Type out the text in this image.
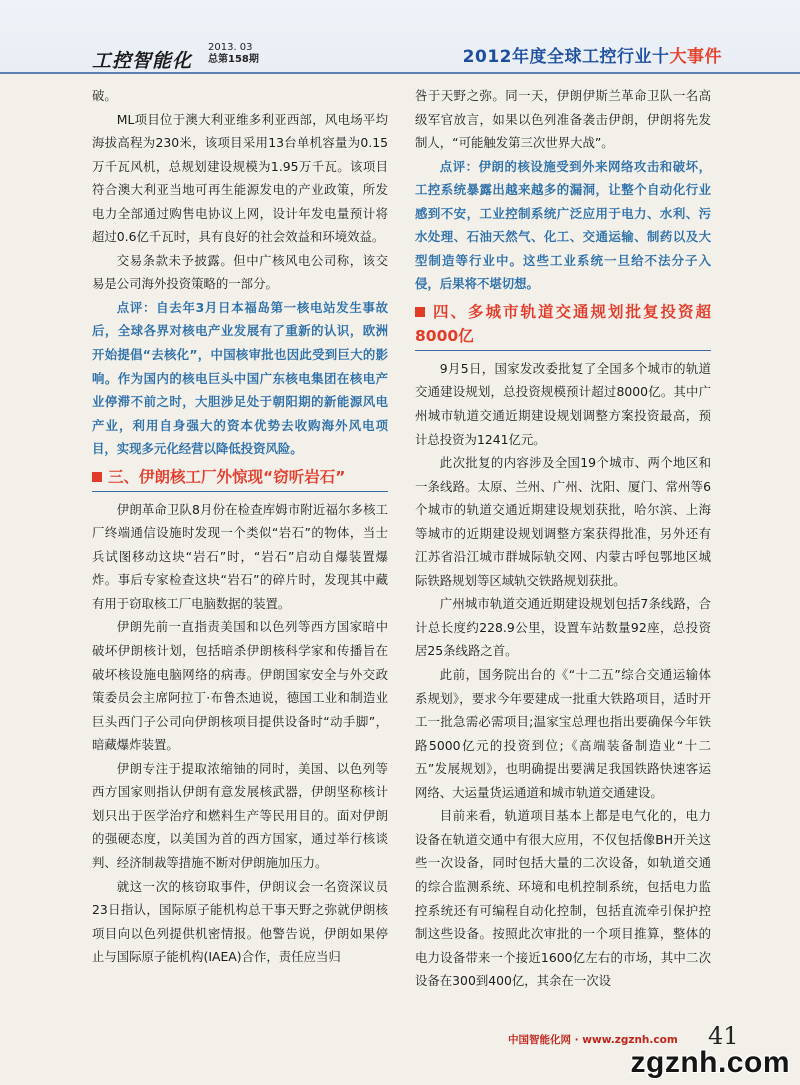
工控智能化
2013. 03
总第158期	2012年度全球工控行业十大事件

破。

ML项目位于澳大利亚维多利亚西部，风电场平均海拔高程为230米，该项目采用13台单机容量为0.15万千瓦风机，总规划建设规模为1.95万千瓦。该项目符合澳大利亚当地可再生能源发电的产业政策，所发电力全部通过购售电协议上网，设计年发电量预计将超过0.6亿千瓦时，具有良好的社会效益和环境效益。

交易条款未予披露。但中广核风电公司称，该交易是公司海外投资策略的一部分。

点评：自去年3月日本福岛第一核电站发生事故后，全球各界对核电产业发展有了重新的认识，欧洲开始提倡“去核化”，中国核审批也因此受到巨大的影响。作为国内的核电巨头中国广东核电集团在核电产业停滞不前之时，大胆涉足处于朝阳期的新能源风电产业，利用自身强大的资本优势去收购海外风电项目，实现多元化经营以降低投资风险。

三、伊朗核工厂外惊现“窃听岩石”

伊朗革命卫队8月份在检查库姆市附近福尔多核工厂终端通信设施时发现一个类似“岩石”的物体，当士兵试图移动这块“岩石”时，“岩石”启动自爆装置爆炸。事后专家检查这块“岩石”的碎片时，发现其中藏有用于窃取核工厂电脑数据的装置。

伊朗先前一直指责美国和以色列等西方国家暗中破坏伊朗核计划，包括暗杀伊朗核科学家和传播旨在破坏核设施电脑网络的病毒。伊朗国家安全与外交政策委员会主席阿拉丁·布鲁杰迪说，德国工业和制造业巨头西门子公司向伊朗核项目提供设备时“动手脚”，暗藏爆炸装置。

伊朗专注于提取浓缩铀的同时，美国、以色列等西方国家则指认伊朗有意发展核武器，伊朗坚称核计划只出于医学治疗和燃料生产等民用目的。面对伊朗的强硬态度，以美国为首的西方国家，通过举行核谈判、经济制裁等措施不断对伊朗施加压力。

就这一次的核窃取事件，伊朗议会一名资深议员23日指认，国际原子能机构总干事天野之弥就伊朗核项目向以色列提供机密情报。他警告说，伊朗如果停止与国际原子能机构(IAEA)合作，责任应当归

咎于天野之弥。同一天，伊朗伊斯兰革命卫队一名高级军官放言，如果以色列准备袭击伊朗，伊朗将先发制人，“可能触发第三次世界大战”。

点评：伊朗的核设施受到外来网络攻击和破坏，工控系统暴露出越来越多的漏洞，让整个自动化行业感到不安，工业控制系统广泛应用于电力、水利、污水处理、石油天然气、化工、交通运输、制药以及大型制造等行业中。这些工业系统一旦给不法分子入侵，后果将不堪切想。

四、多城市轨道交通规划批复投资超8000亿

9月5日，国家发改委批复了全国多个城市的轨道交通建设规划，总投资规模预计超过8000亿。其中广州城市轨道交通近期建设规划调整方案投资最高，预计总投资为1241亿元。

此次批复的内容涉及全国19个城市、两个地区和一条线路。太原、兰州、广州、沈阳、厦门、常州等6个城市的轨道交通近期建设规划获批，哈尔滨、上海等城市的近期建设规划调整方案获得批准，另外还有江苏省沿江城市群城际轨交网、内蒙古呼包鄂地区城际铁路规划等区域轨交铁路规划获批。

广州城市轨道交通近期建设规划包括7条线路，合计总长度约228.9公里，设置车站数量92座，总投资居25条线路之首。

此前，国务院出台的《“十二五”综合交通运输体系规划》，要求今年要建成一批重大铁路项目，适时开工一批急需必需项目;温家宝总理也指出要确保今年铁路5000亿元的投资到位;《高端装备制造业“十二五”发展规划》，也明确提出要满足我国铁路快速客运网络、大运量货运通道和城市轨道交通建设。

目前来看，轨道项目基本上都是电气化的，电力设备在轨道交通中有很大应用，不仅包括像BH开关这些一次设备，同时包括大量的二次设备，如轨道交通的综合监测系统、环境和电机控制系统，包括电力监控系统还有可编程自动化控制，包括直流牵引保护控制这些设备。按照此次审批的一个项目推算，整体的电力设备带来一个接近1600亿左右的市场，其中二次设备在300到400亿，其余在一次设

中国智能化网 · www.zgznh.com 41
zgznh.com
